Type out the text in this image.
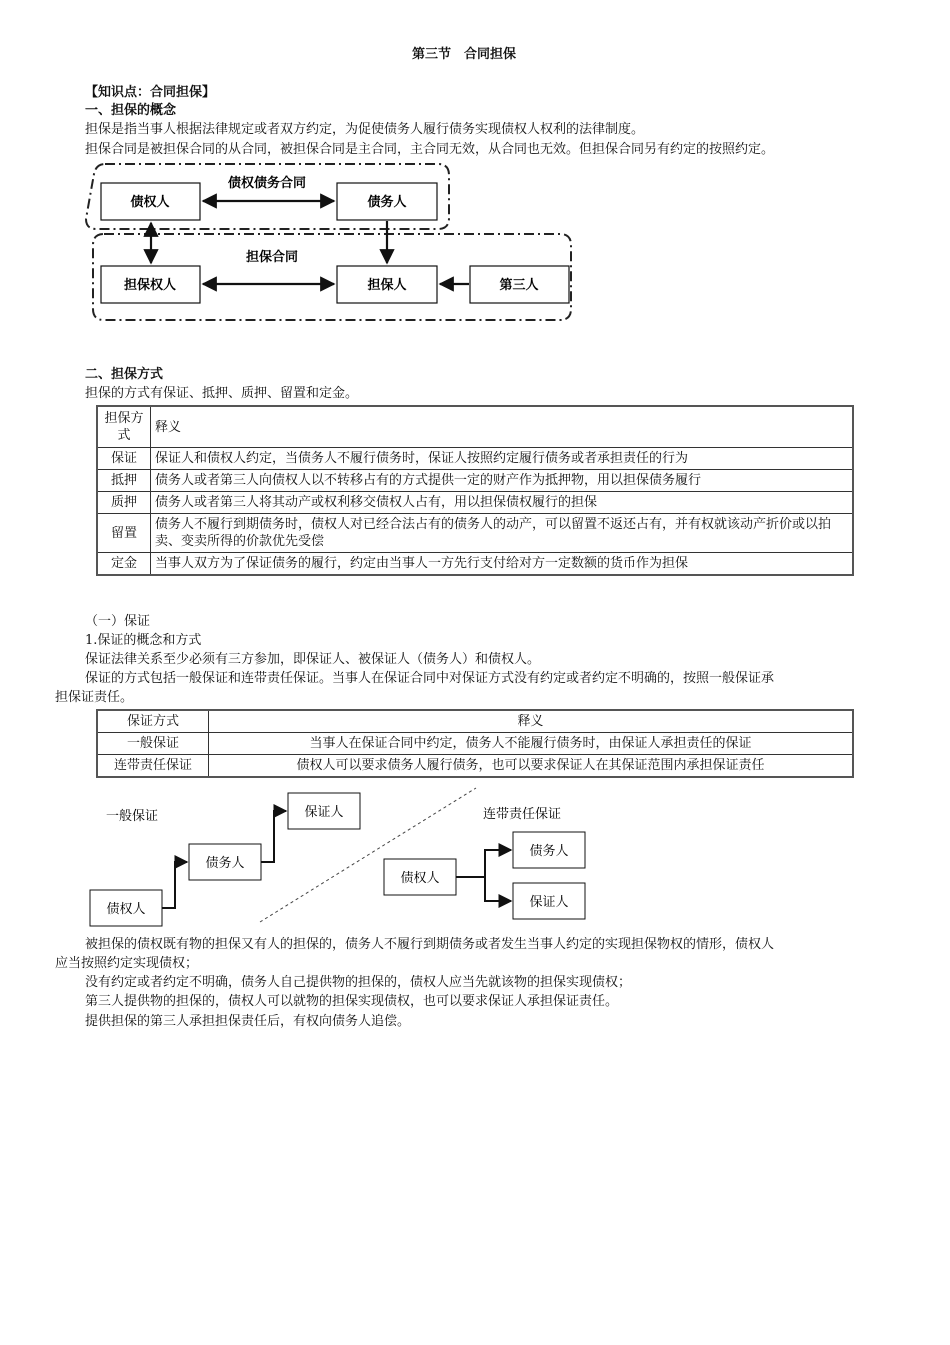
第三节　合同担保
【知识点：合同担保】
一、担保的概念
担保是指当事人根据法律规定或者双方约定，为促使债务人履行债务实现债权人权利的法律制度。
担保合同是被担保合同的从合同，被担保合同是主合同，主合同无效，从合同也无效。但担保合同另有约定的按照约定。
债权债务合同
担保合同
债权人	债务人
担保权人	担保人	第三人
二、担保方式
担保的方式有保证、抵押、质押、留置和定金。
担保方式	释义
保证	保证人和债权人约定，当债务人不履行债务时，保证人按照约定履行债务或者承担责任的行为
抵押	债务人或者第三人向债权人以不转移占有的方式提供一定的财产作为抵押物，用以担保债务履行
质押	债务人或者第三人将其动产或权利移交债权人占有，用以担保债权履行的担保
留置	债务人不履行到期债务时，债权人对已经合法占有的债务人的动产，可以留置不返还占有，并有权就该动产折价或以拍卖、变卖所得的价款优先受偿
定金	当事人双方为了保证债务的履行，约定由当事人一方先行支付给对方一定数额的货币作为担保
（一）保证
1.保证的概念和方式
保证法律关系至少必须有三方参加，即保证人、被保证人（债务人）和债权人。
保证的方式包括一般保证和连带责任保证。当事人在保证合同中对保证方式没有约定或者约定不明确的，按照一般保证承
担保证责任。
保证方式	释义
一般保证	当事人在保证合同中约定，债务人不能履行债务时，由保证人承担责任的保证
连带责任保证	债权人可以要求债务人履行债务，也可以要求保证人在其保证范围内承担保证责任
一般保证	连带责任保证
债权人
债务人
保证人
债权人
债务人
保证人
被担保的债权既有物的担保又有人的担保的，债务人不履行到期债务或者发生当事人约定的实现担保物权的情形，债权人
应当按照约定实现债权；
没有约定或者约定不明确，债务人自己提供物的担保的，债权人应当先就该物的担保实现债权；
第三人提供物的担保的，债权人可以就物的担保实现债权，也可以要求保证人承担保证责任。
提供担保的第三人承担担保责任后，有权向债务人追偿。
